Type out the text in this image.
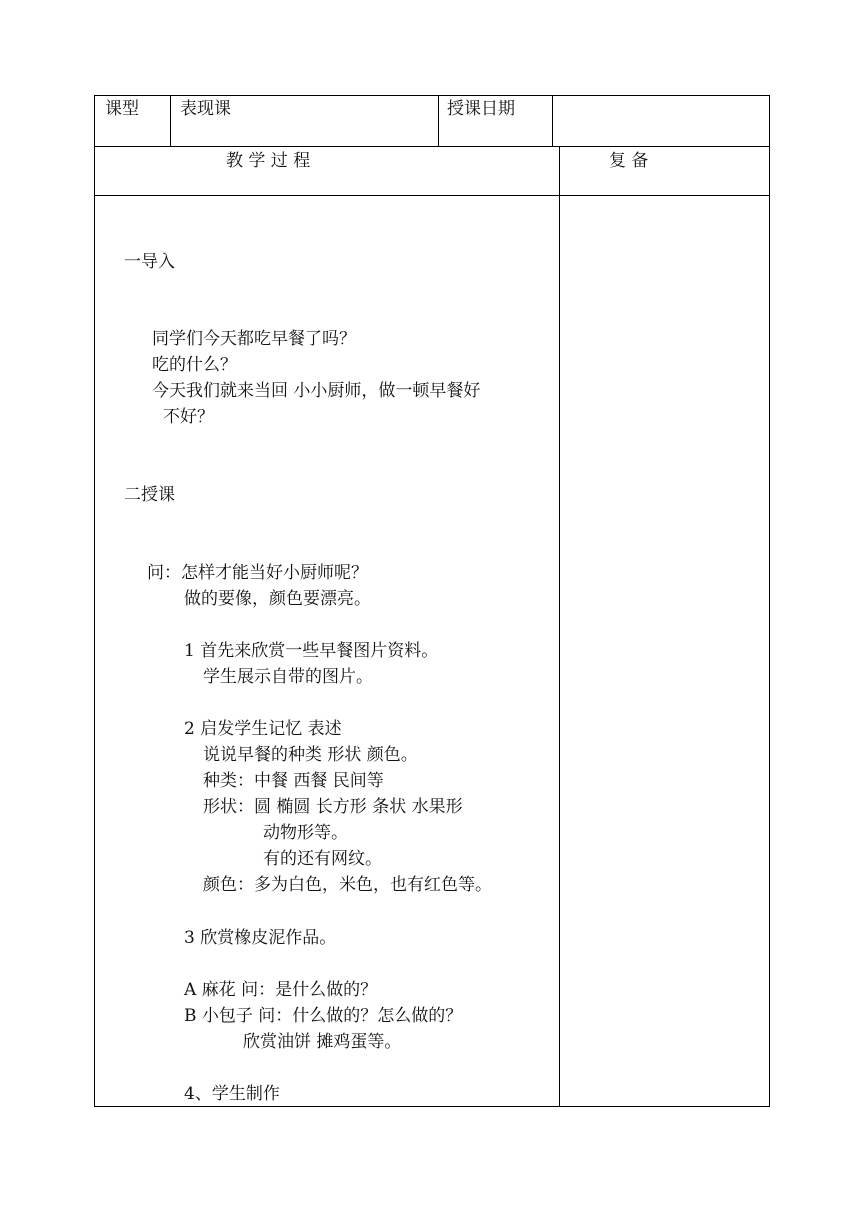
课型 表现课	授课日期
教 学 过 程	复 备
一导入
同学们今天都吃早餐了吗？
吃的什么？
今天我们就来当回 小小厨师，做一顿早餐好
不好？
二授课
问：怎样才能当好小厨师呢？
做的要像，颜色要漂亮。
1 首先来欣赏一些早餐图片资料。
学生展示自带的图片。
2 启发学生记忆 表述
说说早餐的种类 形状 颜色。
种类：中餐 西餐 民间等
形状：圆 椭圆 长方形 条状 水果形
动物形等。
有的还有网纹。
颜色：多为白色，米色，也有红色等。
3 欣赏橡皮泥作品。
A 麻花 问：是什么做的？
B 小包子 问：什么做的？怎么做的？
欣赏油饼 摊鸡蛋等。
4、学生制作
